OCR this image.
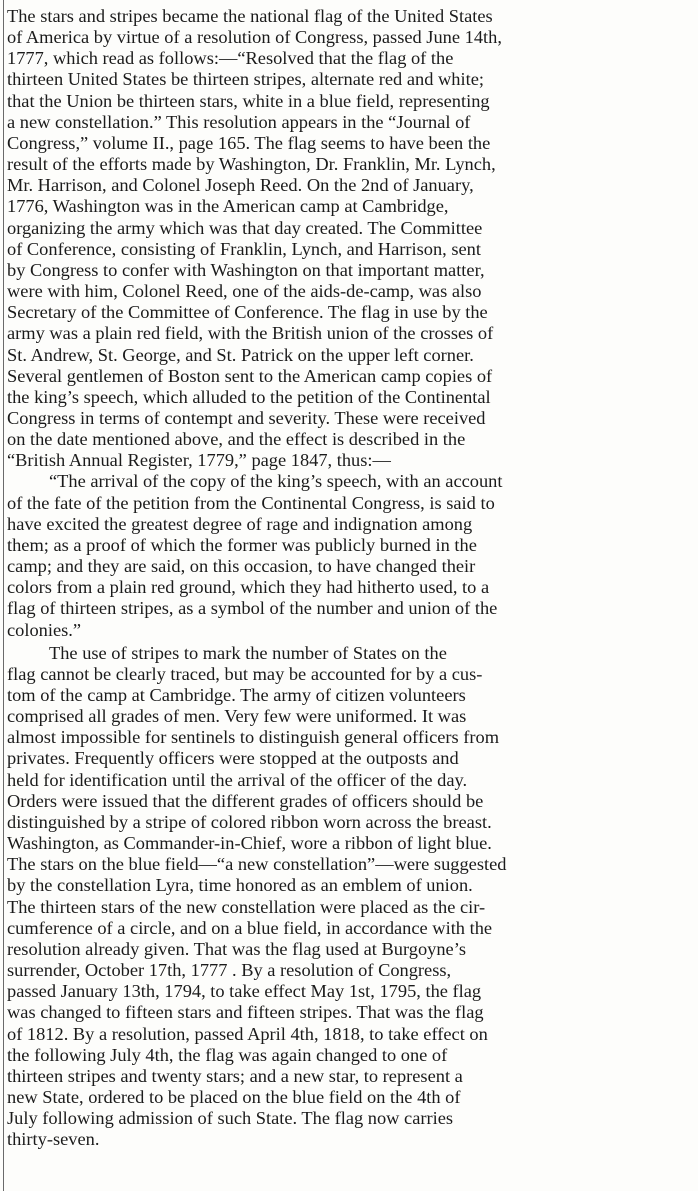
The stars and stripes became the national flag of the United States
of America by virtue of a resolution of Congress, passed June 14th,
1777, which read as follows:—“Resolved that the flag of the
thirteen United States be thirteen stripes, alternate red and white;
that the Union be thirteen stars, white in a blue field, representing
a new constellation.” This resolution appears in the “Journal of
Congress,” volume II., page 165. The flag seems to have been the
result of the efforts made by Washington, Dr. Franklin, Mr. Lynch,
Mr. Harrison, and Colonel Joseph Reed. On the 2nd of January,
1776, Washington was in the American camp at Cambridge,
organizing the army which was that day created. The Committee
of Conference, consisting of Franklin, Lynch, and Harrison, sent
by Congress to confer with Washington on that important matter,
were with him, Colonel Reed, one of the aids-de-camp, was also
Secretary of the Committee of Conference. The flag in use by the
army was a plain red field, with the British union of the crosses of
St. Andrew, St. George, and St. Patrick on the upper left corner.
Several gentlemen of Boston sent to the American camp copies of
the king’s speech, which alluded to the petition of the Continental
Congress in terms of contempt and severity. These were received
on the date mentioned above, and the effect is described in the
“British Annual Register, 1779,” page 1847, thus:—

“The arrival of the copy of the king’s speech, with an account
of the fate of the petition from the Continental Congress, is said to
have excited the greatest degree of rage and indignation among
them; as a proof of which the former was publicly burned in the
camp; and they are said, on this occasion, to have changed their
colors from a plain red ground, which they had hitherto used, to a
flag of thirteen stripes, as a symbol of the number and union of the
colonies.”

The use of stripes to mark the number of States on the
flag cannot be clearly traced, but may be accounted for by a cus-
tom of the camp at Cambridge. The army of citizen volunteers
comprised all grades of men. Very few were uniformed. It was
almost impossible for sentinels to distinguish general officers from
privates. Frequently officers were stopped at the outposts and
held for identification until the arrival of the officer of the day.
Orders were issued that the different grades of officers should be
distinguished by a stripe of colored ribbon worn across the breast.
Washington, as Commander-in-Chief, wore a ribbon of light blue.
The stars on the blue field—“a new constellation”—were suggested
by the constellation Lyra, time honored as an emblem of union.
The thirteen stars of the new constellation were placed as the cir-
cumference of a circle, and on a blue field, in accordance with the
resolution already given. That was the flag used at Burgoyne’s
surrender, October 17th, 1777 . By a resolution of Congress,
passed January 13th, 1794, to take effect May 1st, 1795, the flag
was changed to fifteen stars and fifteen stripes. That was the flag
of 1812. By a resolution, passed April 4th, 1818, to take effect on
the following July 4th, the flag was again changed to one of
thirteen stripes and twenty stars; and a new star, to represent a
new State, ordered to be placed on the blue field on the 4th of
July following admission of such State. The flag now carries
thirty-seven.
